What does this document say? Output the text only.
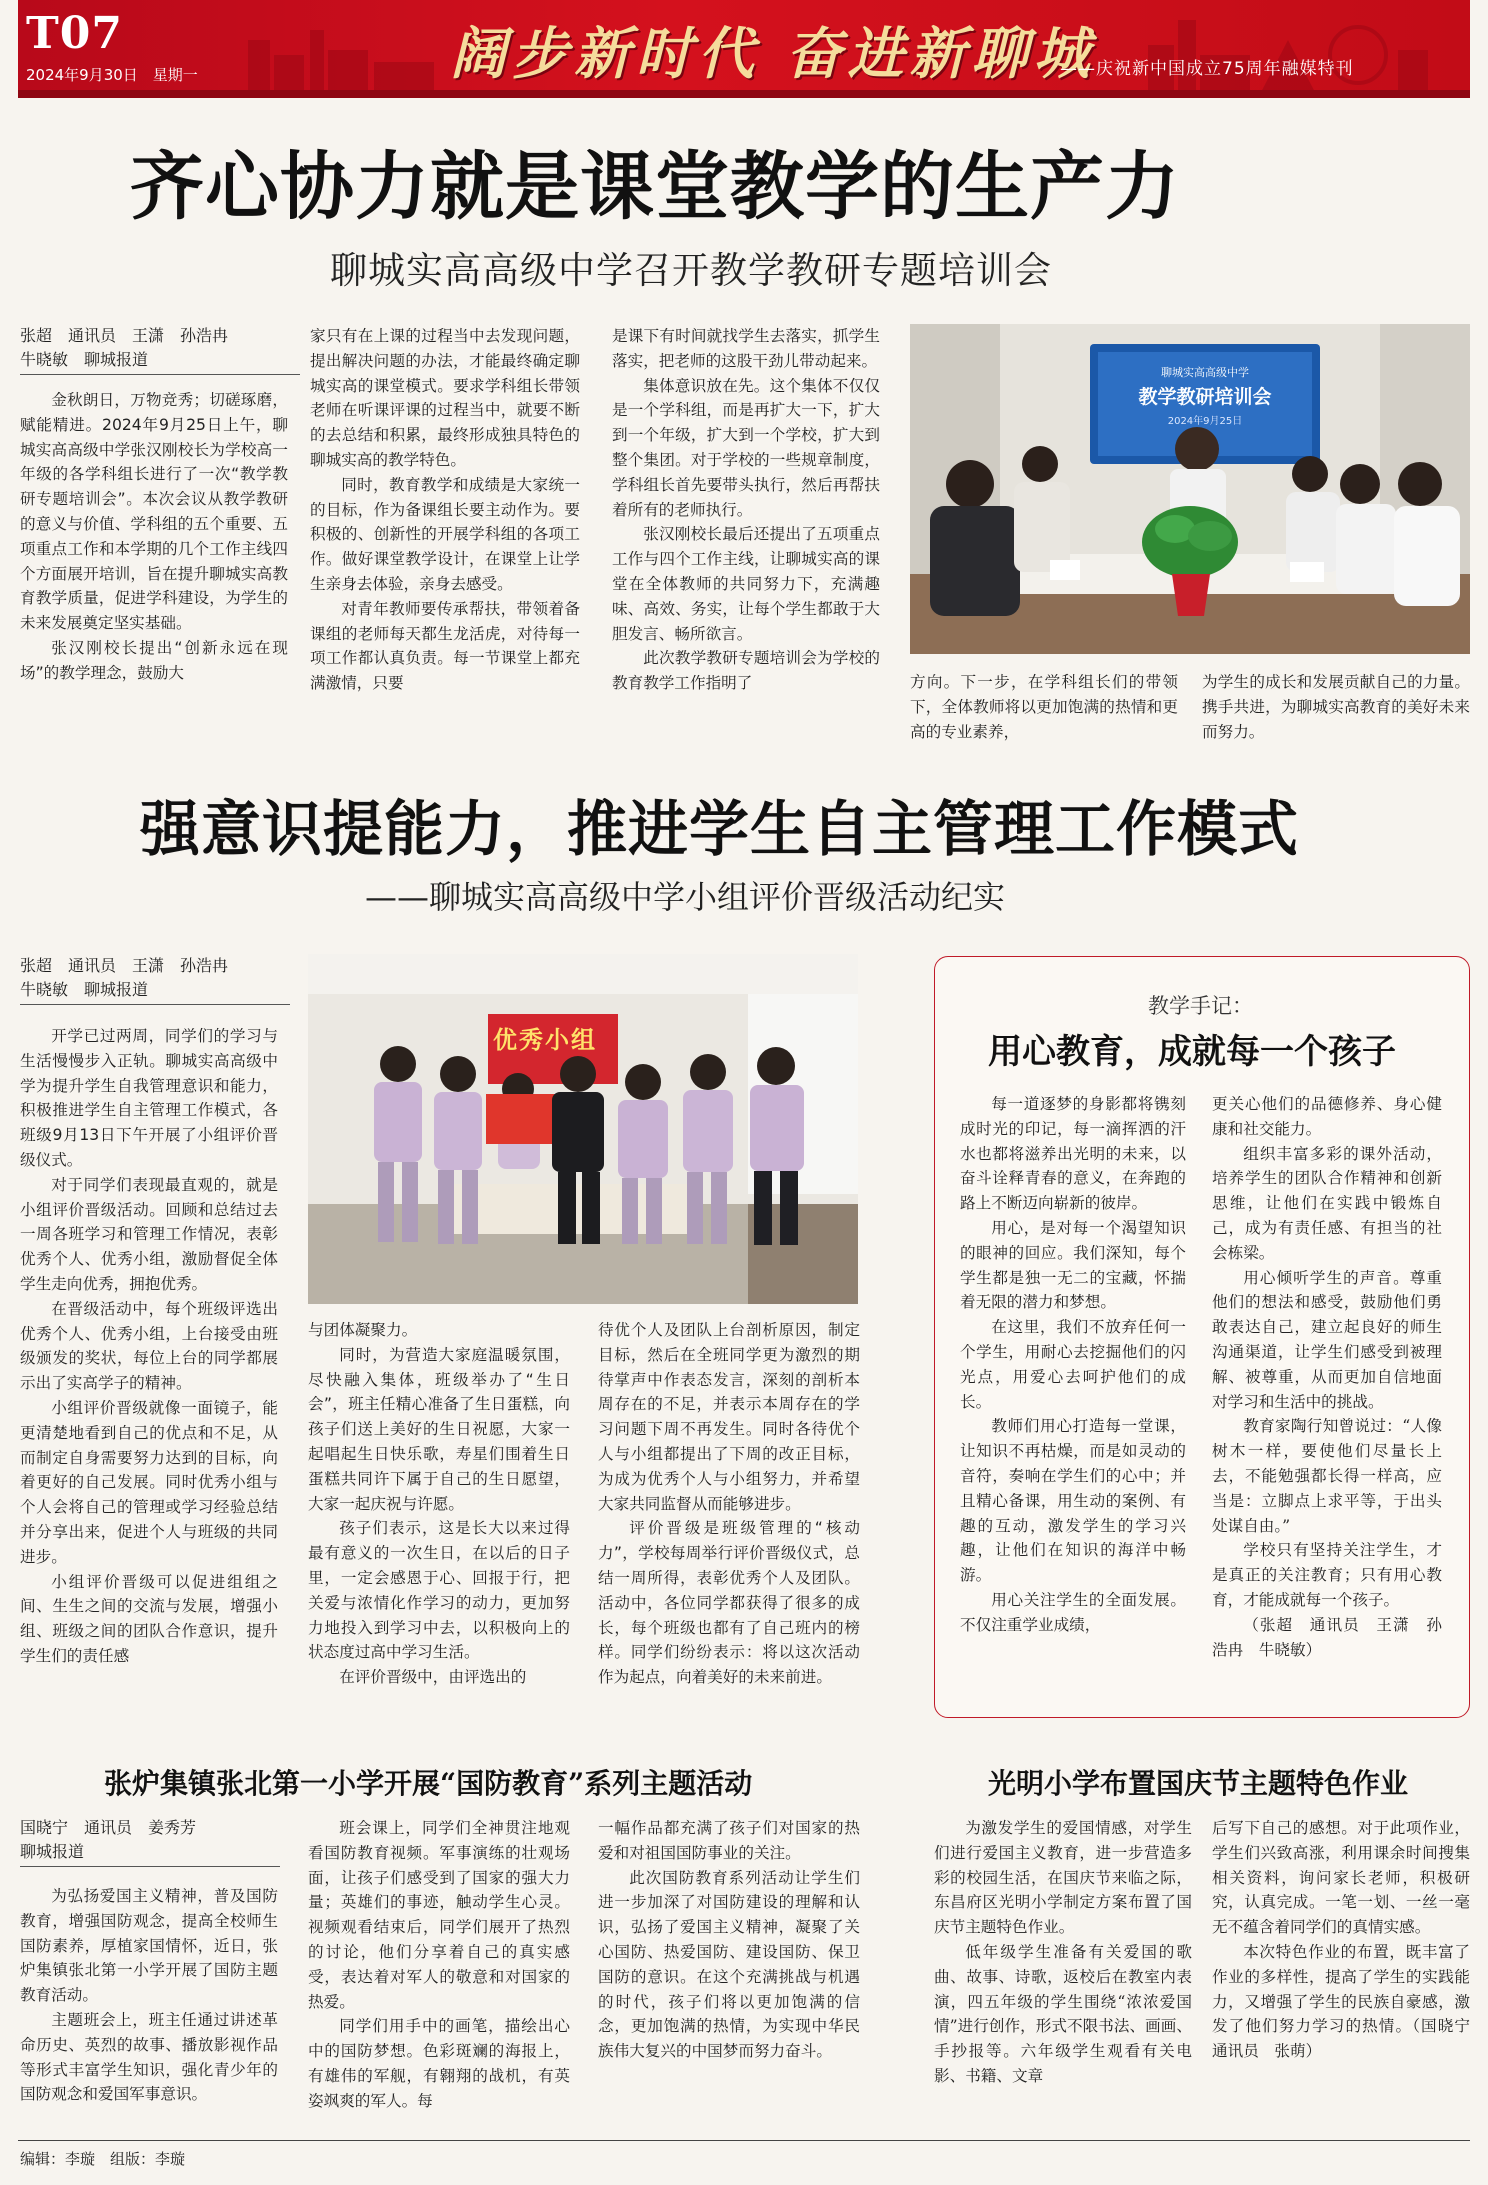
T07
2024年9月30日　星期一	阔步新时代 奋进新聊城
——庆祝新中国成立75周年融媒特刊
齐心协力就是课堂教学的生产力
聊城实高高级中学召开教学教研专题培训会
张超　通讯员　王潇　孙浩冉
牛晓敏　聊城报道

金秋朗日，万物竞秀；切磋琢磨，赋能精进。2024年9月25日上午，聊城实高高级中学张汉刚校长为学校高一年级的各学科组长进行了一次“教学教研专题培训会”。本次会议从教学教研的意义与价值、学科组的五个重要、五项重点工作和本学期的几个工作主线四个方面展开培训，旨在提升聊城实高教育教学质量，促进学科建设，为学生的未来发展奠定坚实基础。

张汉刚校长提出“创新永远在现场”的教学理念，鼓励大

家只有在上课的过程当中去发现问题，提出解决问题的办法，才能最终确定聊城实高的课堂模式。要求学科组长带领老师在听课评课的过程当中，就要不断的去总结和积累，最终形成独具特色的聊城实高的教学特色。

同时，教育教学和成绩是大家统一的目标，作为备课组长要主动作为。要积极的、创新性的开展学科组的各项工作。做好课堂教学设计，在课堂上让学生亲身去体验，亲身去感受。

对青年教师要传承帮扶，带领着备课组的老师每天都生龙活虎，对待每一项工作都认真负责。每一节课堂上都充满激情，只要

是课下有时间就找学生去落实，抓学生落实，把老师的这股干劲儿带动起来。

集体意识放在先。这个集体不仅仅是一个学科组，而是再扩大一下，扩大到一个年级，扩大到一个学校，扩大到整个集团。对于学校的一些规章制度，学科组长首先要带头执行，然后再帮扶着所有的老师执行。

张汉刚校长最后还提出了五项重点工作与四个工作主线，让聊城实高的课堂在全体教师的共同努力下，充满趣味、高效、务实，让每个学生都敢于大胆发言、畅所欲言。

此次教学教研专题培训会为学校的教育教学工作指明了

聊城实高高级中学
教学教研培训会
2024年9月25日

方向。下一步，在学科组长们的带领下，全体教师将以更加饱满的热情和更高的专业素养，

为学生的成长和发展贡献自己的力量。携手共进，为聊城实高教育的美好未来而努力。

强意识提能力，推进学生自主管理工作模式
——聊城实高高级中学小组评价晋级活动纪实
张超　通讯员　王潇　孙浩冉
牛晓敏　聊城报道

开学已过两周，同学们的学习与生活慢慢步入正轨。聊城实高高级中学为提升学生自我管理意识和能力，积极推进学生自主管理工作模式，各班级9月13日下午开展了小组评价晋级仪式。

对于同学们表现最直观的，就是小组评价晋级活动。回顾和总结过去一周各班学习和管理工作情况，表彰优秀个人、优秀小组，激励督促全体学生走向优秀，拥抱优秀。

在晋级活动中，每个班级评选出优秀个人、优秀小组，上台接受由班级颁发的奖状，每位上台的同学都展示出了实高学子的精神。

小组评价晋级就像一面镜子，能更清楚地看到自己的优点和不足，从而制定自身需要努力达到的目标，向着更好的自己发展。同时优秀小组与个人会将自己的管理或学习经验总结并分享出来，促进个人与班级的共同进步。

小组评价晋级可以促进组组之间、生生之间的交流与发展，增强小组、班级之间的团队合作意识，提升学生们的责任感

优秀小组

与团体凝聚力。

同时，为营造大家庭温暖氛围，尽快融入集体，班级举办了“生日会”，班主任精心准备了生日蛋糕，向孩子们送上美好的生日祝愿，大家一起唱起生日快乐歌，寿星们围着生日蛋糕共同许下属于自己的生日愿望，大家一起庆祝与许愿。

孩子们表示，这是长大以来过得最有意义的一次生日，在以后的日子里，一定会感恩于心、回报于行，把关爱与浓情化作学习的动力，更加努力地投入到学习中去，以积极向上的状态度过高中学习生活。

在评价晋级中，由评选出的

待优个人及团队上台剖析原因，制定目标，然后在全班同学更为激烈的期待掌声中作表态发言，深刻的剖析本周存在的不足，并表示本周存在的学习问题下周不再发生。同时各待优个人与小组都提出了下周的改正目标，为成为优秀个人与小组努力，并希望大家共同监督从而能够进步。

评价晋级是班级管理的“核动力”，学校每周举行评价晋级仪式，总结一周所得，表彰优秀个人及团队。活动中，各位同学都获得了很多的成长，每个班级也都有了自己班内的榜样。同学们纷纷表示：将以这次活动作为起点，向着美好的未来前进。

教学手记：
用心教育，成就每一个孩子

每一道逐梦的身影都将镌刻成时光的印记，每一滴挥洒的汗水也都将滋养出光明的未来，以奋斗诠释青春的意义，在奔跑的路上不断迈向崭新的彼岸。

用心，是对每一个渴望知识的眼神的回应。我们深知，每个学生都是独一无二的宝藏，怀揣着无限的潜力和梦想。

在这里，我们不放弃任何一个学生，用耐心去挖掘他们的闪光点，用爱心去呵护他们的成长。

教师们用心打造每一堂课，让知识不再枯燥，而是如灵动的音符，奏响在学生们的心中；并且精心备课，用生动的案例、有趣的互动，激发学生的学习兴趣，让他们在知识的海洋中畅游。

用心关注学生的全面发展。不仅注重学业成绩，

更关心他们的品德修养、身心健康和社交能力。

组织丰富多彩的课外活动，培养学生的团队合作精神和创新思维，让他们在实践中锻炼自己，成为有责任感、有担当的社会栋梁。

用心倾听学生的声音。尊重他们的想法和感受，鼓励他们勇敢表达自己，建立起良好的师生沟通渠道，让学生们感受到被理解、被尊重，从而更加自信地面对学习和生活中的挑战。

教育家陶行知曾说过：“人像树木一样，要使他们尽量长上去，不能勉强都长得一样高，应当是：立脚点上求平等，于出头处谋自由。”

学校只有坚持关注学生，才是真正的关注教育；只有用心教育，才能成就每一个孩子。

（张超　通讯员　王潇　孙浩冉　牛晓敏）

张炉集镇张北第一小学开展“国防教育”系列主题活动
国晓宁　通讯员　姜秀芳
聊城报道

为弘扬爱国主义精神，普及国防教育，增强国防观念，提高全校师生国防素养，厚植家国情怀，近日，张炉集镇张北第一小学开展了国防主题教育活动。

主题班会上，班主任通过讲述革命历史、英烈的故事、播放影视作品等形式丰富学生知识，强化青少年的国防观念和爱国军事意识。

班会课上，同学们全神贯注地观看国防教育视频。军事演练的壮观场面，让孩子们感受到了国家的强大力量；英雄们的事迹，触动学生心灵。视频观看结束后，同学们展开了热烈的讨论，他们分享着自己的真实感受，表达着对军人的敬意和对国家的热爱。

同学们用手中的画笔，描绘出心中的国防梦想。色彩斑斓的海报上，有雄伟的军舰，有翱翔的战机，有英姿飒爽的军人。每

一幅作品都充满了孩子们对国家的热爱和对祖国国防事业的关注。

此次国防教育系列活动让学生们进一步加深了对国防建设的理解和认识，弘扬了爱国主义精神，凝聚了关心国防、热爱国防、建设国防、保卫国防的意识。在这个充满挑战与机遇的时代，孩子们将以更加饱满的信念，更加饱满的热情，为实现中华民族伟大复兴的中国梦而努力奋斗。

光明小学布置国庆节主题特色作业

为激发学生的爱国情感，对学生们进行爱国主义教育，进一步营造多彩的校园生活，在国庆节来临之际，东昌府区光明小学制定方案布置了国庆节主题特色作业。

低年级学生准备有关爱国的歌曲、故事、诗歌，返校后在教室内表演，四五年级的学生围绕“浓浓爱国情”进行创作，形式不限书法、画画、手抄报等。六年级学生观看有关电影、书籍、文章

后写下自己的感想。对于此项作业，学生们兴致高涨，利用课余时间搜集相关资料，询问家长老师，积极研究，认真完成。一笔一划、一丝一毫无不蕴含着同学们的真情实感。

本次特色作业的布置，既丰富了作业的多样性，提高了学生的实践能力，又增强了学生的民族自豪感，激发了他们努力学习的热情。（国晓宁　通讯员　张萌）

编辑：李璇　组版：李璇
